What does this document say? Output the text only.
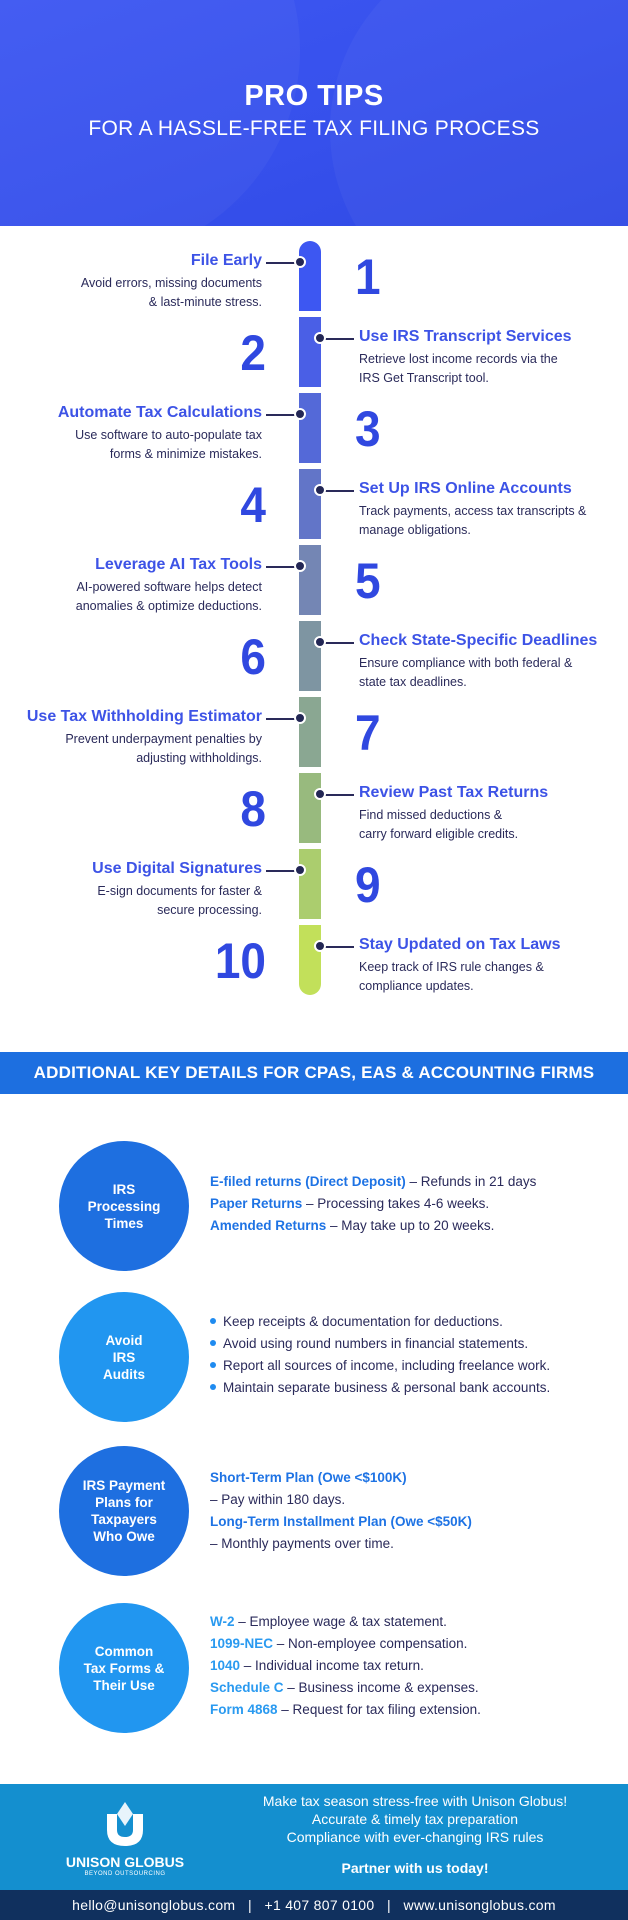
PRO TIPS
FOR A HASSLE-FREE TAX FILING PROCESS
1
File Early
Avoid errors, missing documents
& last-minute stress.
2	Use IRS Transcript Services
Retrieve lost income records via the
IRS Get Transcript tool.
3
Automate Tax Calculations
Use software to auto-populate tax
forms & minimize mistakes.
4	Set Up IRS Online Accounts
Track payments, access tax transcripts &
manage obligations.
5
Leverage AI Tax Tools
AI-powered software helps detect
anomalies & optimize deductions.
6	Check State-Specific Deadlines
Ensure compliance with both federal &
state tax deadlines.
7
Use Tax Withholding Estimator
Prevent underpayment penalties by
adjusting withholdings.
8	Review Past Tax Returns
Find missed deductions &
carry forward eligible credits.
9
Use Digital Signatures
E-sign documents for faster &
secure processing.
10	Stay Updated on Tax Laws
Keep track of IRS rule changes &
compliance updates.
ADDITIONAL KEY DETAILS FOR CPAS, EAS & ACCOUNTING FIRMS
IRS
Processing
Times
E-filed returns (Direct Deposit) – Refunds in 21 days
Paper Returns – Processing takes 4-6 weeks.
Amended Returns – May take up to 20 weeks.
Avoid
IRS
Audits
Keep receipts & documentation for deductions.
Avoid using round numbers in financial statements.
Report all sources of income, including freelance work.
Maintain separate business & personal bank accounts.
IRS Payment
Plans for
Taxpayers
Who Owe
Short-Term Plan (Owe <$100K)
– Pay within 180 days.
Long-Term Installment Plan (Owe <$50K)
– Monthly payments over time.
Common
Tax Forms &
Their Use
W-2 – Employee wage & tax statement.
1099-NEC – Non-employee compensation.
1040 – Individual income tax return.
Schedule C – Business income & expenses.
Form 4868 – Request for tax filing extension.
UNISON GLOBUS
BEYOND OUTSOURCING
Make tax season stress-free with Unison Globus!
Accurate & timely tax preparation
Compliance with ever-changing IRS rules
Partner with us today!
hello@unisonglobus.com   |   +1 407 807 0100   |   www.unisonglobus.com
